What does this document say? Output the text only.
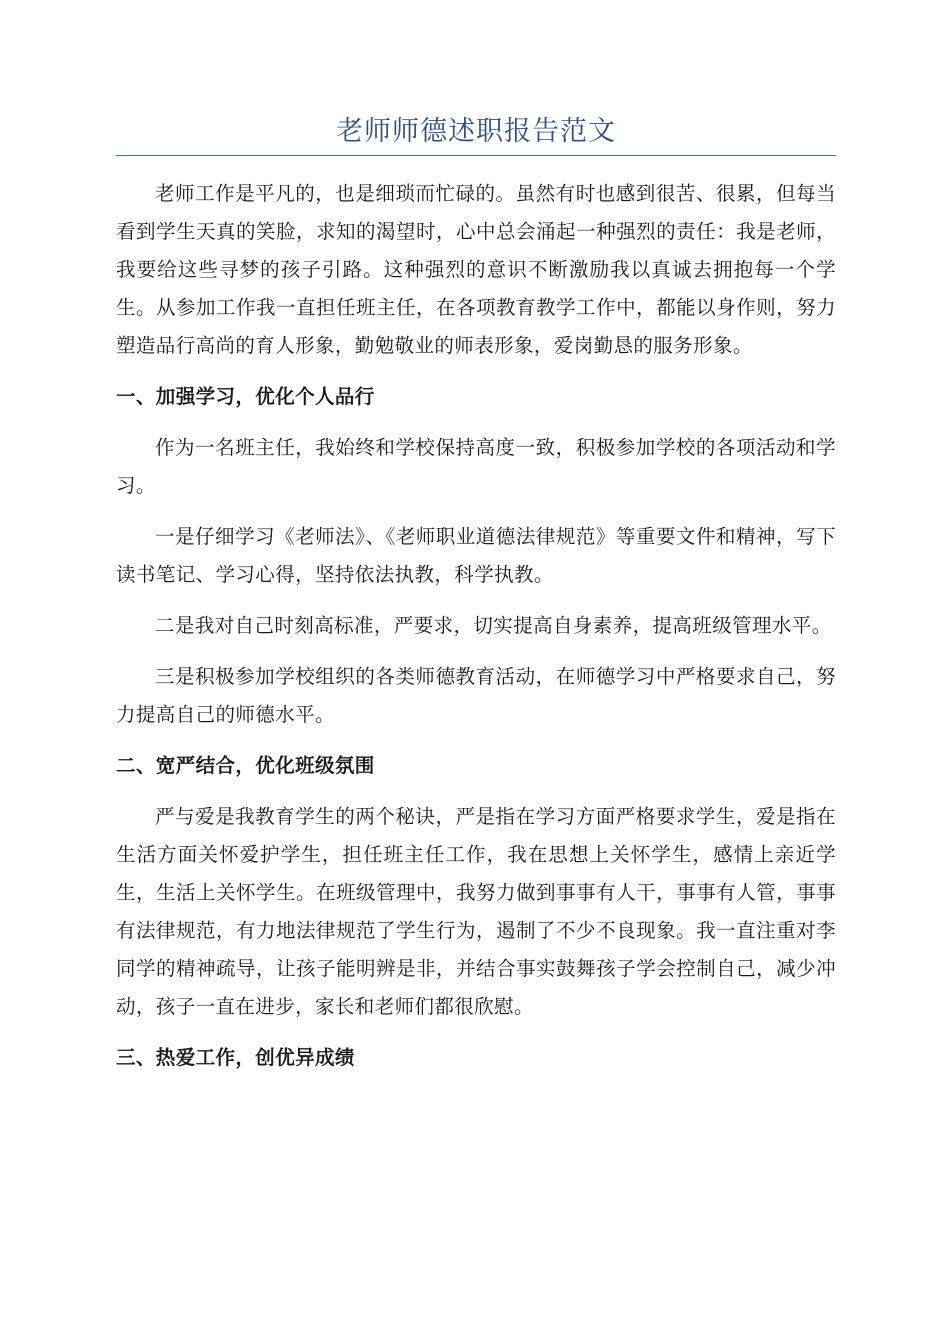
老师师德述职报告范文

老师工作是平凡的，也是细琐而忙碌的。虽然有时也感到很苦、很累，但每当看到学生天真的笑脸，求知的渴望时，心中总会涌起一种强烈的责任：我是老师，我要给这些寻梦的孩子引路。这种强烈的意识不断激励我以真诚去拥抱每一个学生。从参加工作我一直担任班主任，在各项教育教学工作中，都能以身作则，努力塑造品行高尚的育人形象，勤勉敬业的师表形象，爱岗勤恳的服务形象。

一、加强学习，优化个人品行

作为一名班主任，我始终和学校保持高度一致，积极参加学校的各项活动和学习。

一是仔细学习《老师法》、《老师职业道德法律规范》等重要文件和精神，写下读书笔记、学习心得，坚持依法执教，科学执教。

二是我对自己时刻高标准，严要求，切实提高自身素养，提高班级管理水平。

三是积极参加学校组织的各类师德教育活动，在师德学习中严格要求自己，努力提高自己的师德水平。

二、宽严结合，优化班级氛围

严与爱是我教育学生的两个秘诀，严是指在学习方面严格要求学生，爱是指在生活方面关怀爱护学生，担任班主任工作，我在思想上关怀学生，感情上亲近学生，生活上关怀学生。在班级管理中，我努力做到事事有人干，事事有人管，事事有法律规范，有力地法律规范了学生行为，遏制了不少不良现象。我一直注重对李同学的精神疏导，让孩子能明辨是非，并结合事实鼓舞孩子学会控制自己，减少冲动，孩子一直在进步，家长和老师们都很欣慰。

三、热爱工作，创优异成绩
